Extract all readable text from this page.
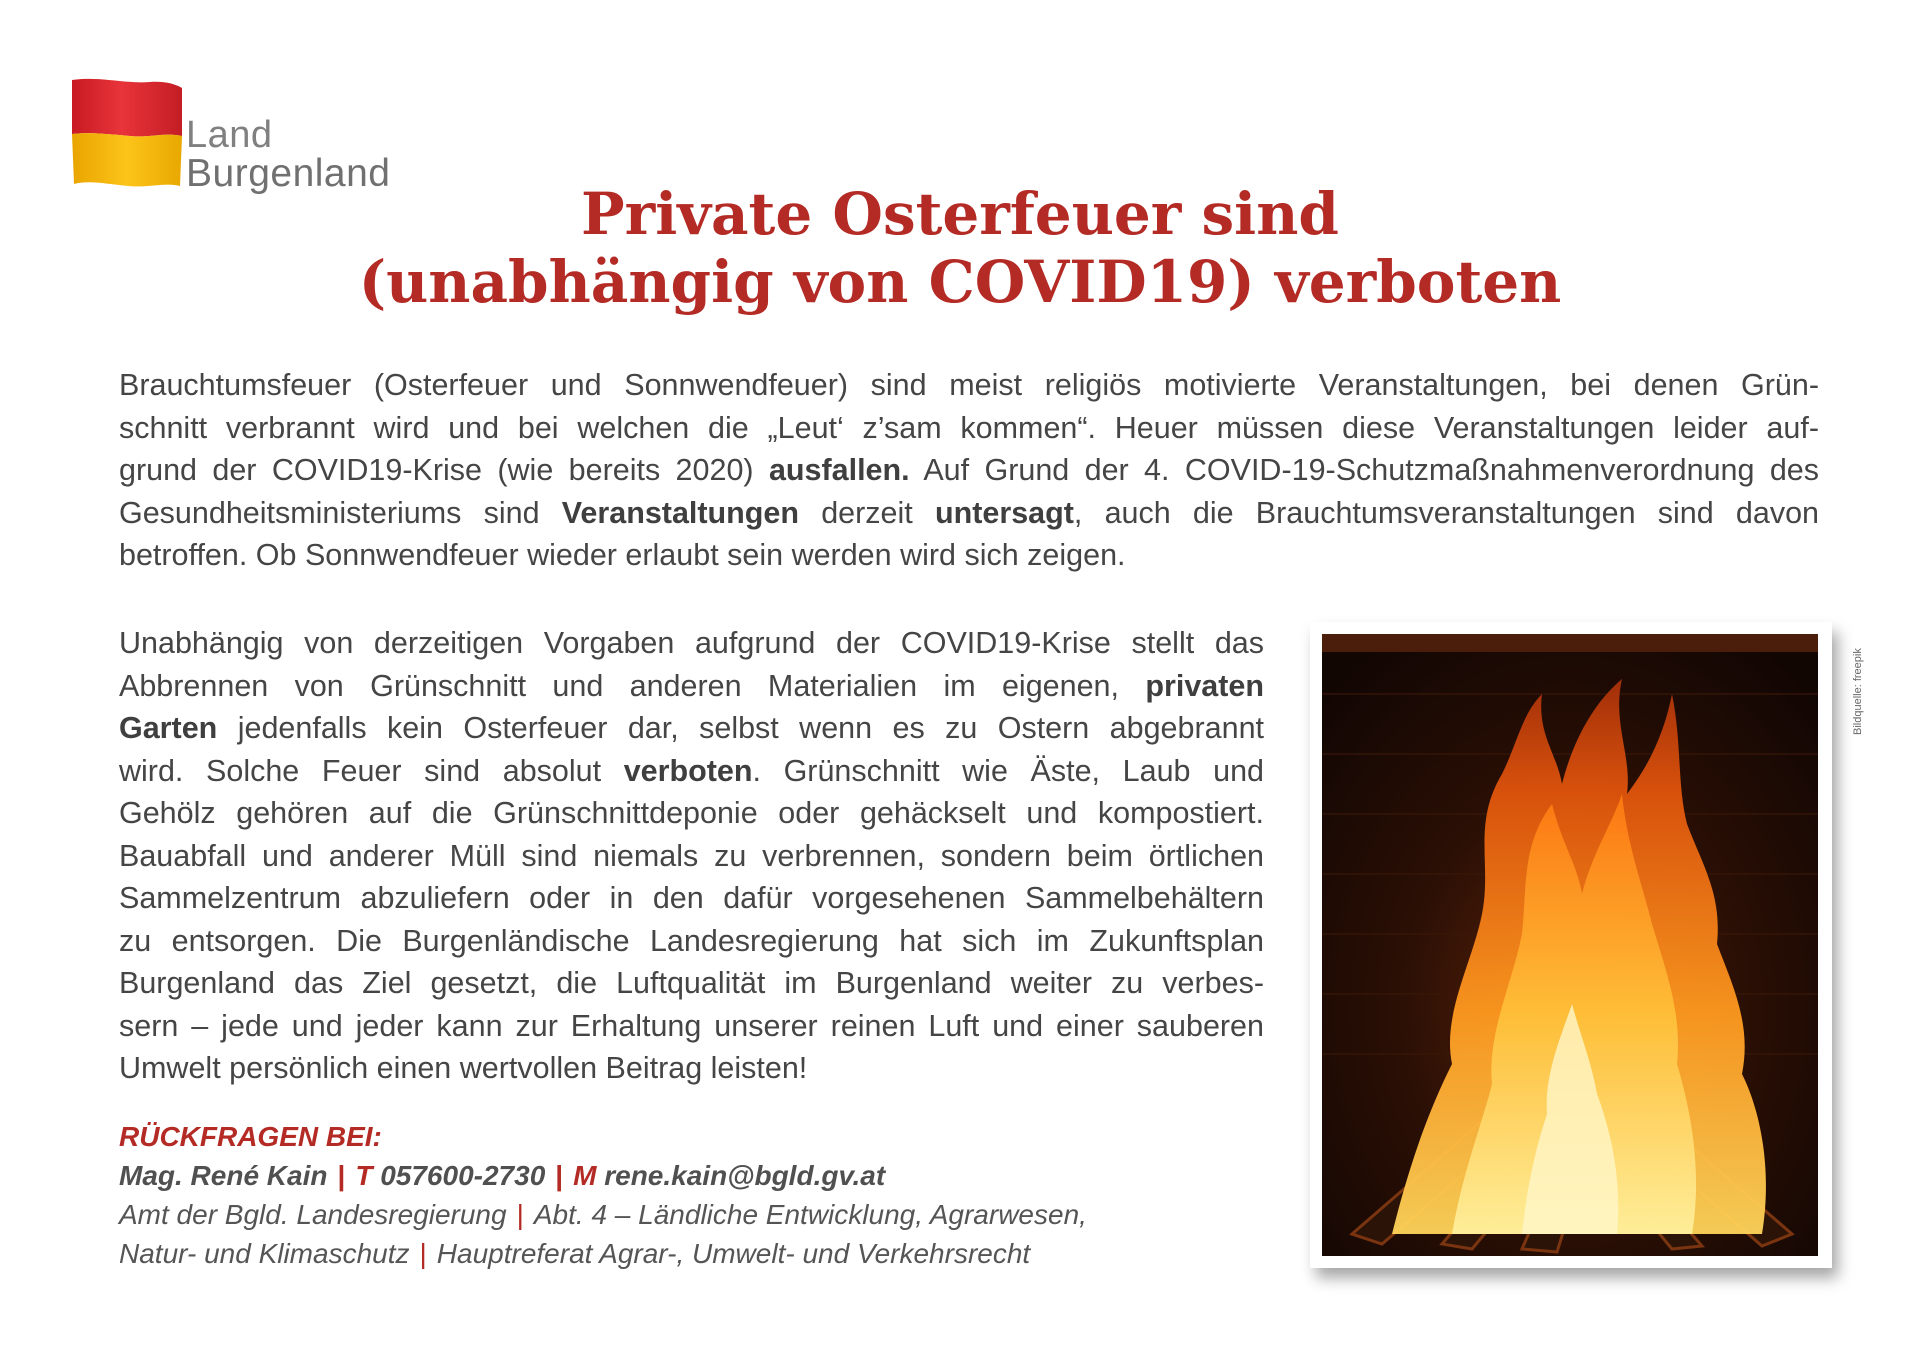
Land
Burgenland
Private Osterfeuer sind
(unabhängig von COVID19) verboten
Brauchtumsfeuer (Osterfeuer und Sonnwendfeuer) sind meist religiös motivierte Veranstaltungen, bei denen Grün-
schnitt verbrannt wird und bei welchen die „Leut‘ z’sam kommen“. Heuer müssen diese Veranstaltungen leider auf-
grund der COVID19-Krise (wie bereits 2020) ausfallen. Auf Grund der 4. COVID-19-Schutzmaßnahmenverordnung des
Gesundheitsministeriums sind Veranstaltungen derzeit untersagt, auch die Brauchtumsveranstaltungen sind davon
betroffen. Ob Sonnwendfeuer wieder erlaubt sein werden wird sich zeigen.
Unabhängig von derzeitigen Vorgaben aufgrund der COVID19-Krise stellt das
Abbrennen von Grünschnitt und anderen Materialien im eigenen, privaten
Garten jedenfalls kein Osterfeuer dar, selbst wenn es zu Ostern abgebrannt
wird. Solche Feuer sind absolut verboten. Grünschnitt wie Äste, Laub und
Gehölz gehören auf die Grünschnittdeponie oder gehäckselt und kompostiert.
Bauabfall und anderer Müll sind niemals zu verbrennen, sondern beim örtlichen
Sammelzentrum abzuliefern oder in den dafür vorgesehenen Sammelbehältern
zu entsorgen. Die Burgenländische Landesregierung hat sich im Zukunftsplan
Burgenland das Ziel gesetzt, die Luftqualität im Burgenland weiter zu verbes-
sern – jede und jeder kann zur Erhaltung unserer reinen Luft und einer sauberen
Umwelt persönlich einen wertvollen Beitrag leisten!
RÜCKFRAGEN BEI:
Mag. René Kain | T 057600-2730 | M rene.kain@bgld.gv.at
Amt der Bgld. Landesregierung | Abt. 4 – Ländliche Entwicklung, Agrarwesen,
Natur- und Klimaschutz | Hauptreferat Agrar-, Umwelt- und Verkehrsrecht
Bildquelle: freepik
